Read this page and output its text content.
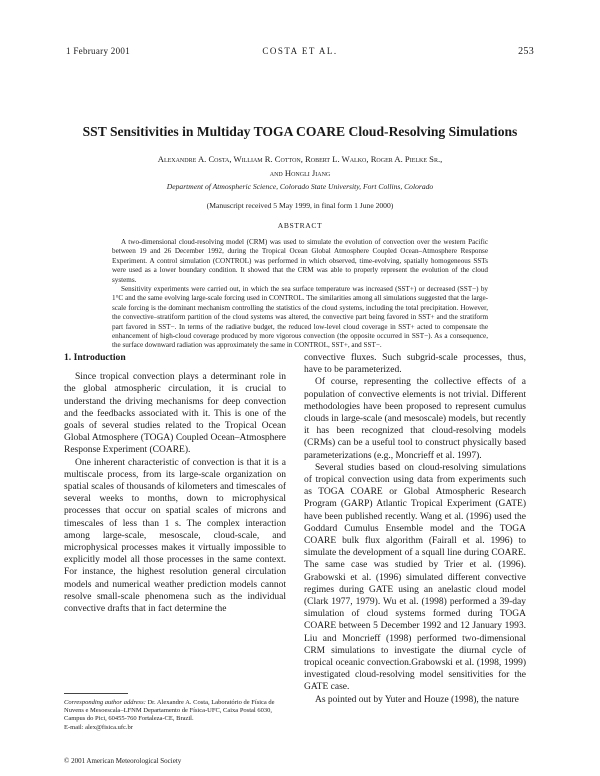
1 February 2001	COSTA ET AL.	253
SST Sensitivities in Multiday TOGA COARE Cloud-Resolving Simulations
Alexandre A. Costa, William R. Cotton, Robert L. Walko, Roger A. Pielke Sr.,
and Hongli Jiang
Department of Atmospheric Science, Colorado State University, Fort Collins, Colorado
(Manuscript received 5 May 1999, in final form 1 June 2000)
ABSTRACT

A two-dimensional cloud-resolving model (CRM) was used to simulate the evolution of convection over the western Pacific between 19 and 26 December 1992, during the Tropical Ocean Global Atmosphere Coupled Ocean–Atmosphere Response Experiment. A control simulation (CONTROL) was performed in which observed, time-evolving, spatially homogeneous SSTs were used as a lower boundary condition. It showed that the CRM was able to properly represent the evolution of the cloud systems.

Sensitivity experiments were carried out, in which the sea surface temperature was increased (SST+) or decreased (SST−) by 1°C and the same evolving large-scale forcing used in CONTROL. The similarities among all simulations suggested that the large-scale forcing is the dominant mechanism controlling the statistics of the cloud systems, including the total precipitation. However, the convective–stratiform partition of the cloud systems was altered, the convective part being favored in SST+ and the stratiform part favored in SST−. In terms of the radiative budget, the reduced low-level cloud coverage in SST+ acted to compensate the enhancement of high-cloud coverage produced by more vigorous convection (the opposite occurred in SST−). As a consequence, the surface downward radiation was approximately the same in CONTROL, SST+, and SST−.

1. Introduction

Since tropical convection plays a determinant role in the global atmospheric circulation, it is crucial to understand the driving mechanisms for deep convection and the feedbacks associated with it. This is one of the goals of several studies related to the Tropical Ocean Global Atmosphere (TOGA) Coupled Ocean–Atmosphere Response Experiment (COARE).

One inherent characteristic of convection is that it is a multiscale process, from its large-scale organization on spatial scales of thousands of kilometers and timescales of several weeks to months, down to microphysical processes that occur on spatial scales of microns and timescales of less than 1 s. The complex interaction among large-scale, mesoscale, cloud-scale, and microphysical processes makes it virtually impossible to explicitly model all those processes in the same context. For instance, the highest resolution general circulation models and numerical weather prediction models cannot resolve small-scale phenomena such as the individual convective drafts that in fact determine the

Corresponding author address: Dr. Alexandre A. Costa, Laboratório de Física de Nuvens e Mesoescala–LFNM Departamento de Física-UFC, Caixa Postal 6030, Campus do Pici, 60455-760 Fortaleza-CE, Brazil.
E-mail: alex@fisica.ufc.br
© 2001 American Meteorological Society

convective fluxes. Such subgrid-scale processes, thus, have to be parameterized.

Of course, representing the collective effects of a population of convective elements is not trivial. Different methodologies have been proposed to represent cumulus clouds in large-scale (and mesoscale) models, but recently it has been recognized that cloud-resolving models (CRMs) can be a useful tool to construct physically based parameterizations (e.g., Moncrieff et al. 1997).

Several studies based on cloud-resolving simulations of tropical convection using data from experiments such as TOGA COARE or Global Atmospheric Research Program (GARP) Atlantic Tropical Experiment (GATE) have been published recently. Wang et al. (1996) used the Goddard Cumulus Ensemble model and the TOGA COARE bulk flux algorithm (Fairall et al. 1996) to simulate the development of a squall line during COARE. The same case was studied by Trier et al. (1996). Grabowski et al. (1996) simulated different convective regimes during GATE using an anelastic cloud model (Clark 1977, 1979). Wu et al. (1998) performed a 39-day simulation of cloud systems formed during TOGA COARE between 5 December 1992 and 12 January 1993. Liu and Moncrieff (1998) performed two-dimensional CRM simulations to investigate the diurnal cycle of tropical oceanic convection.Grabowski et al. (1998, 1999) investigated cloud-resolving model sensitivities for the GATE case.

As pointed out by Yuter and Houze (1998), the nature
